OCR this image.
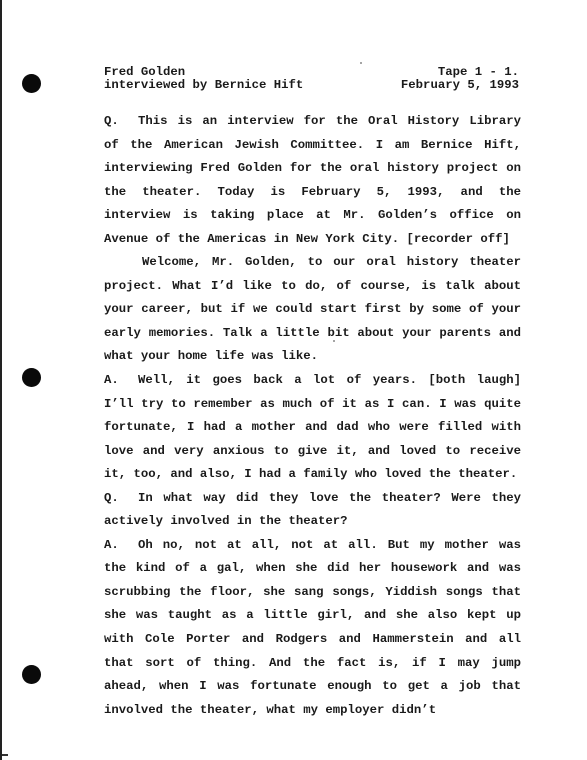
Fred Golden	Tape 1 - 1.
interviewed by Bernice Hift	February 5, 1993
Q. This is an interview for the Oral History Library of the American Jewish Committee. I am Bernice Hift, interviewing Fred Golden for the oral history project on the theater. Today is February 5, 1993, and the interview is taking place at Mr. Golden’s office on Avenue of the Americas in New York City. [recorder off]
Welcome, Mr. Golden, to our oral history theater project. What I’d like to do, of course, is talk about your career, but if we could start first by some of your early memories. Talk a little bit about your parents and what your home life was like.
A. Well, it goes back a lot of years. [both laugh] I’ll try to remember as much of it as I can. I was quite fortunate, I had a mother and dad who were filled with love and very anxious to give it, and loved to receive it, too, and also, I had a family who loved the theater.
Q. In what way did they love the theater? Were they actively involved in the theater?
A. Oh no, not at all, not at all. But my mother was the kind of a gal, when she did her housework and was scrubbing the floor, she sang songs, Yiddish songs that she was taught as a little girl, and she also kept up with Cole Porter and Rodgers and Hammerstein and all that sort of thing. And the fact is, if I may jump ahead, when I was fortunate enough to get a job that involved the theater, what my employer didn’t
